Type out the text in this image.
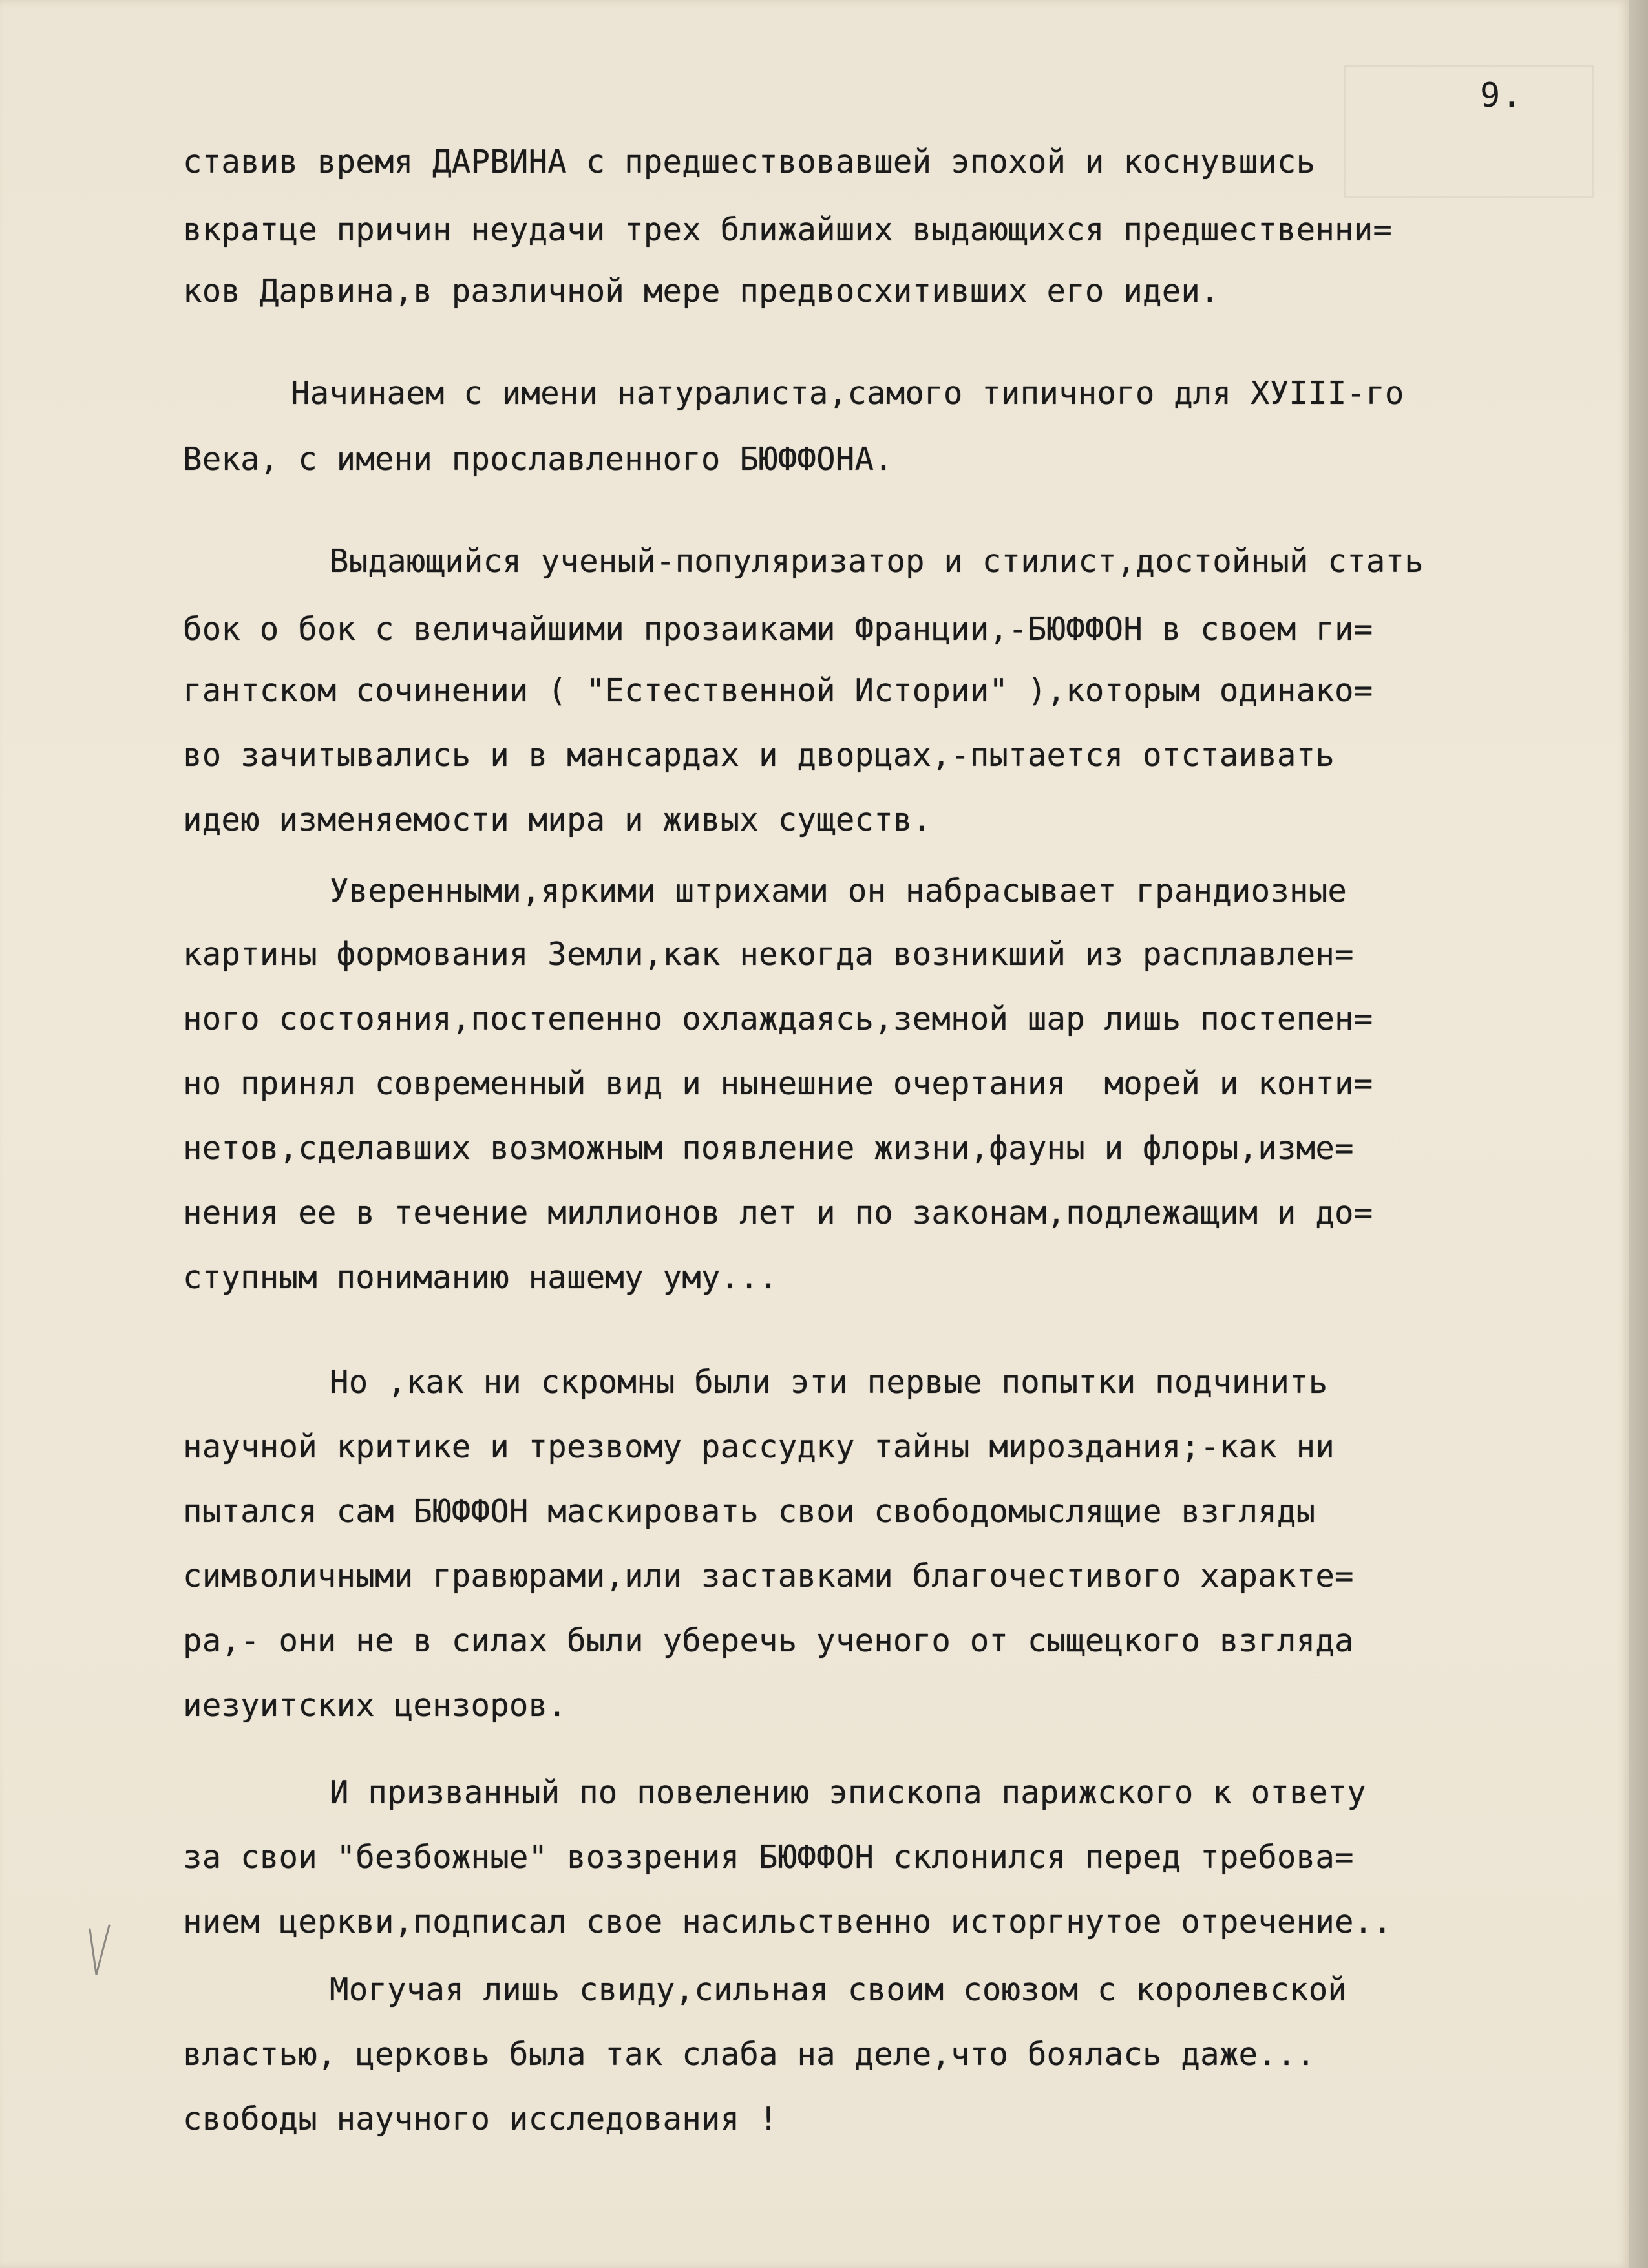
9.
ставив время ДАРВИНА с предшествовавшей эпохой и коснувшись
вкратце причин неудачи трех ближайших выдающихся предшественни=
ков Дарвина,в различной мере предвосхитивших его идеи.
Начинаем с имени натуралиста,самого типичного для ХУIII-го
Века, с имени прославленного БЮФФОНА.
Выдающийся ученый-популяризатор и стилист,достойный стать
бок о бок с величайшими прозаиками Франции,-БЮФФОН в своем ги=
гантском сочинении ( "Естественной Истории" ),которым одинако=
во зачитывались и в мансардах и дворцах,-пытается отстаивать
идею изменяемости мира и живых существ.
Уверенными,яркими штрихами он набрасывает грандиозные
картины формования Земли,как некогда возникший из расплавлен=
ного состояния,постепенно охлаждаясь,земной шар лишь постепен=
но принял современный вид и нынешние очертания  морей и конти=
нетов,сделавших возможным появление жизни,фауны и флоры,изме=
нения ее в течение миллионов лет и по законам,подлежащим и до=
ступным пониманию нашему уму...
Но ,как ни скромны были эти первые попытки подчинить
научной критике и трезвому рассудку тайны мироздания;-как ни
пытался сам БЮФФОН маскировать свои свободомыслящие взгляды
символичными гравюрами,или заставками благочестивого характе=
ра,- они не в силах были уберечь ученого от сыщецкого взгляда
иезуитских цензоров.
И призванный по повелению эпископа парижского к ответу
за свои "безбожные" воззрения БЮФФОН склонился перед требова=
нием церкви,подписал свое насильственно исторгнутое отречение..
Могучая лишь свиду,сильная своим союзом с королевской
властью, церковь была так слаба на деле,что боялась даже...
свободы научного исследования !
